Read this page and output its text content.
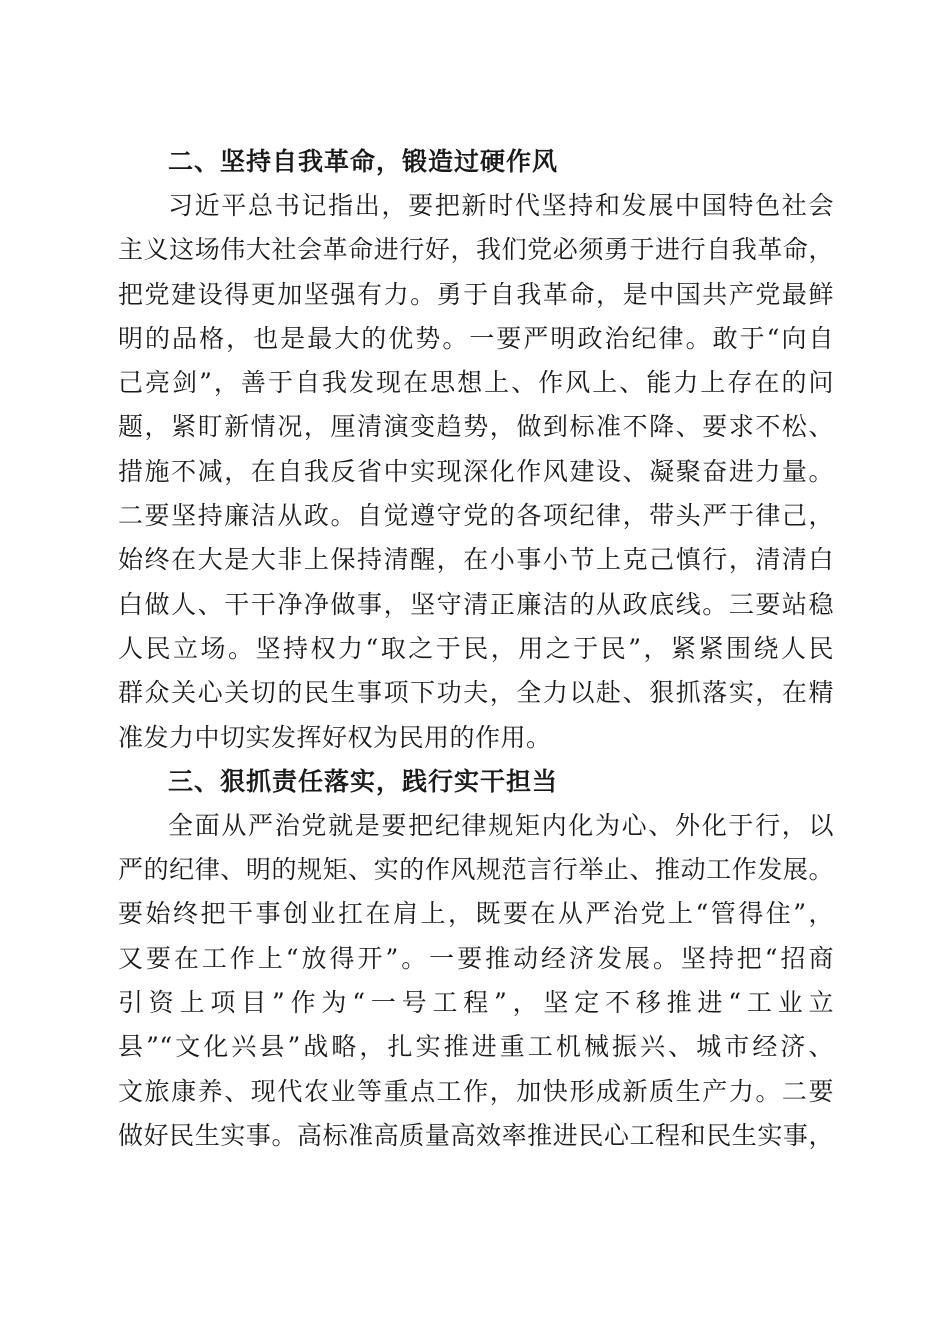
二、坚持自我革命，锻造过硬作风
习近平总书记指出，要把新时代坚持和发展中国特色社会
主义这场伟大社会革命进行好，我们党必须勇于进行自我革命，
把党建设得更加坚强有力。勇于自我革命，是中国共产党最鲜
明的品格，也是最大的优势。一要严明政治纪律。敢于“向自
己亮剑”，善于自我发现在思想上、作风上、能力上存在的问
题，紧盯新情况，厘清演变趋势，做到标准不降、要求不松、
措施不减，在自我反省中实现深化作风建设、凝聚奋进力量。
二要坚持廉洁从政。自觉遵守党的各项纪律，带头严于律己，
始终在大是大非上保持清醒，在小事小节上克己慎行，清清白
白做人、干干净净做事，坚守清正廉洁的从政底线。三要站稳
人民立场。坚持权力“取之于民，用之于民”，紧紧围绕人民
群众关心关切的民生事项下功夫，全力以赴、狠抓落实，在精
准发力中切实发挥好权为民用的作用。
三、狠抓责任落实，践行实干担当
全面从严治党就是要把纪律规矩内化为心、外化于行，以
严的纪律、明的规矩、实的作风规范言行举止、推动工作发展。
要始终把干事创业扛在肩上，既要在从严治党上“管得住”，
又要在工作上“放得开”。一要推动经济发展。坚持把“招商
引资上项目”作为“一号工程”，坚定不移推进“工业立
县”“文化兴县”战略，扎实推进重工机械振兴、城市经济、
文旅康养、现代农业等重点工作，加快形成新质生产力。二要
做好民生实事。高标准高质量高效率推进民心工程和民生实事，
